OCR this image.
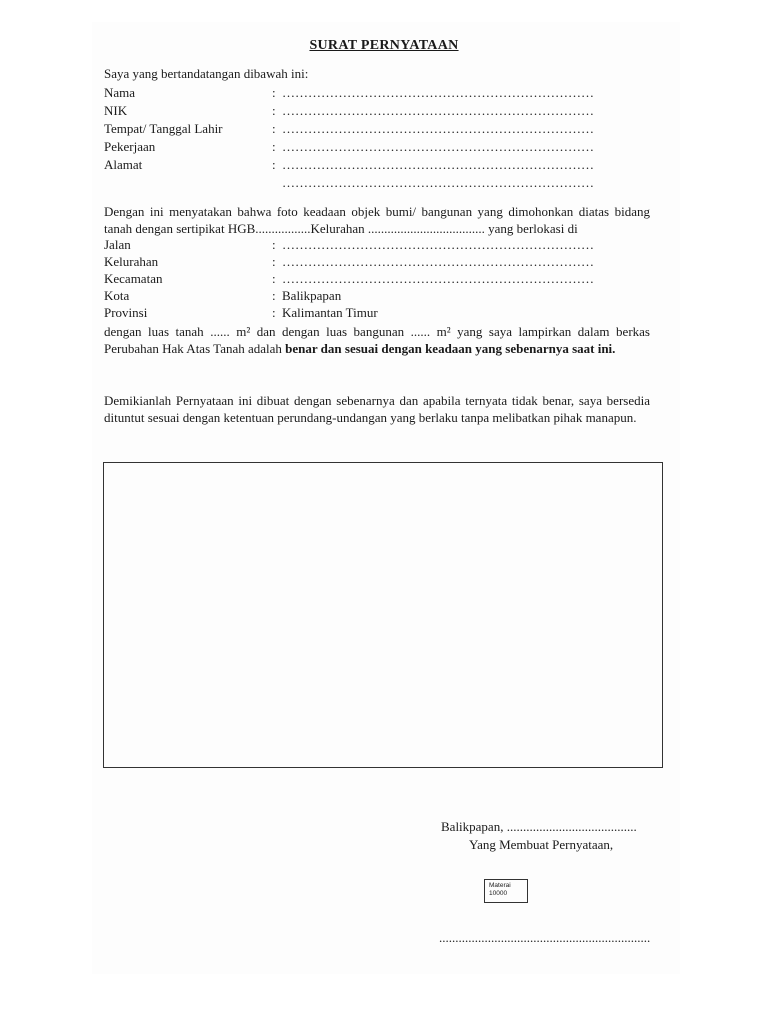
SURAT PERNYATAAN
Saya yang bertandatangan dibawah ini:
Nama	: ………………………………………………………………
NIK	: ………………………………………………………………
Tempat/ Tanggal Lahir	: ………………………………………………………………
Pekerjaan	: ………………………………………………………………
Alamat	: ………………………………………………………………
………………………………………………………………
Dengan ini menyatakan bahwa foto keadaan objek bumi/ bangunan yang dimohonkan diatas bidang tanah dengan sertipikat HGB.................Kelurahan .................................... yang berlokasi di
Jalan	: ………………………………………………………………
Kelurahan	: ………………………………………………………………
Kecamatan	: ………………………………………………………………
Kota	: Balikpapan
Provinsi	: Kalimantan Timur
dengan luas tanah ...... m² dan dengan luas bangunan ...... m² yang saya lampirkan dalam berkas Perubahan Hak Atas Tanah adalah benar dan sesuai dengan keadaan yang sebenarnya saat ini.
Demikianlah Pernyataan ini dibuat dengan sebenarnya dan apabila ternyata tidak benar, saya bersedia dituntut sesuai dengan ketentuan perundang-undangan yang berlaku tanpa melibatkan pihak manapun.
Balikpapan, ........................................
Yang Membuat Pernyataan,
Materai
10000
.................................................................
